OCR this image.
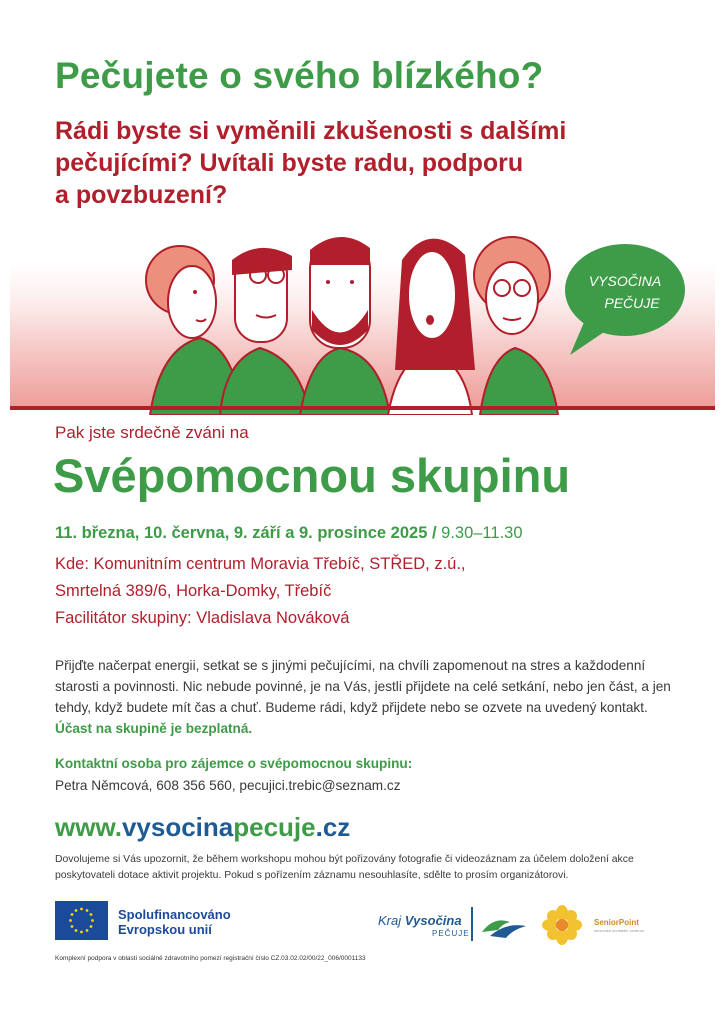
Pečujete o svého blízkého?
Rádi byste si vyměnili zkušenosti s dalšími
pečujícími? Uvítali byste radu, podporu
a povzbuzení?
VYSOČINA
PEČUJE
Pak jste srdečně zváni na
Svépomocnou skupinu
11. března, 10. června, 9. září a 9. prosince 2025 / 9.30–11.30
Kde: Komunitním centrum Moravia Třebíč, STŘED, z.ú.,
Smrtelná 389/6, Horka-Domky, Třebíč
Facilitátor skupiny: Vladislava Nováková
Přijďte načerpat energii, setkat se s jinými pečujícími, na chvíli zapomenout na stres a každodenní starosti a povinnosti. Nic nebude povinné, je na Vás, jestli přijdete na celé setkání, nebo jen část, a jen tehdy, když budete mít čas a chuť. Budeme rádi, když přijdete nebo se ozvete na uvedený kontakt. Účast na skupině je bezplatná.
Kontaktní osoba pro zájemce o svépomocnou skupinu:
Petra Němcová, 608 356 560, pecujici.trebic@seznam.cz
www.vysocinapecuje.cz
Dovolujeme si Vás upozornit, že během workshopu mohou být pořizovány fotografie či videozáznam za účelem doložení akce poskytovateli dotace aktivit projektu. Pokud s pořízením záznamu nesouhlasíte, sdělte to prosím organizátorovi.
Spolufinancováno
Evropskou unií
Kraj Vysočina
PEČUJE
SeniorPoint
seniorské kontaktní centrum
Komplexní podpora v oblasti sociálně zdravotního pomezí registrační číslo CZ.03.02.02/00/22_006/0001133
